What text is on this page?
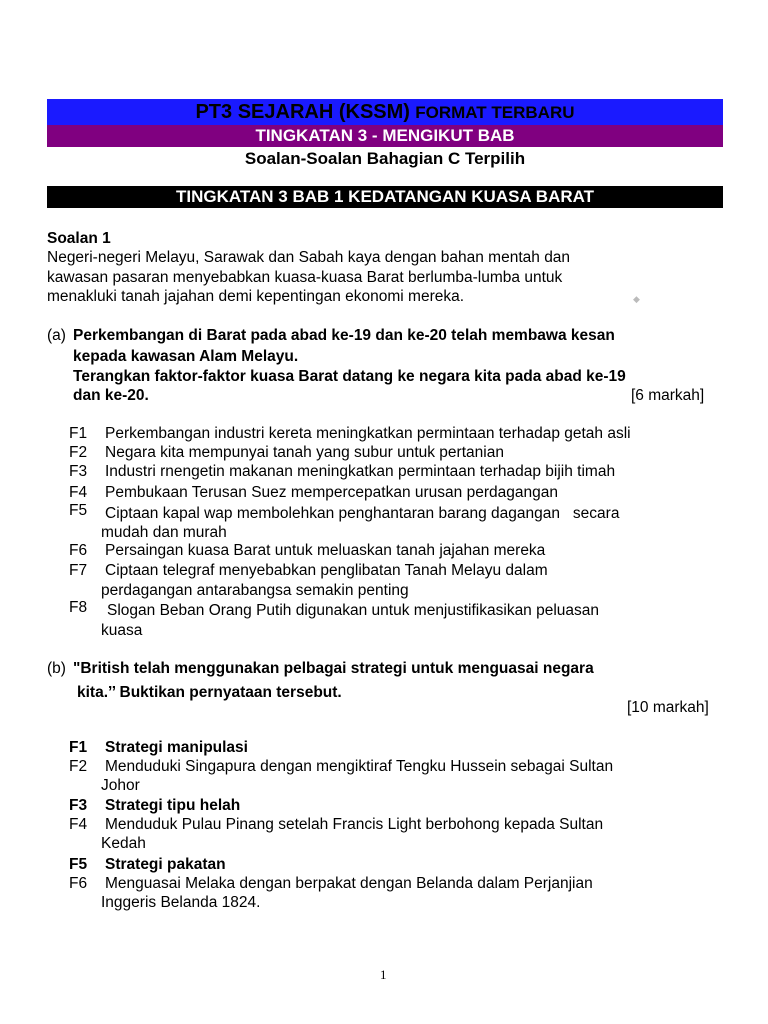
PT3 SEJARAH (KSSM) FORMAT TERBARU
TINGKATAN 3 - MENGIKUT BAB
Soalan-Soalan Bahagian C Terpilih
TINGKATAN 3 BAB 1 KEDATANGAN KUASA BARAT
Soalan 1
Negeri-negeri Melayu, Sarawak dan Sabah kaya dengan bahan mentah dan
kawasan pasaran menyebabkan kuasa-kuasa Barat berlumba-lumba untuk
menakluki tanah jajahan demi kepentingan ekonomi mereka.	◆
(a) Perkembangan di Barat pada abad ke-19 dan ke-20 telah membawa kesan
kepada kawasan Alam Melayu.
Terangkan faktor-faktor kuasa Barat datang ke negara kita pada abad ke-19
dan ke-20.	[6 markah]
F1 Perkembangan industri kereta meningkatkan permintaan terhadap getah asli
F2 Negara kita mempunyai tanah yang subur untuk pertanian
F3 Industri rnengetin makanan meningkatkan permintaan terhadap bijih timah
F4 Pembukaan Terusan Suez mempercepatkan urusan perdagangan
F5 Ciptaan kapal wap membolehkan penghantaran barang dagangan   secara
mudah dan murah
F6 Persaingan kuasa Barat untuk meluaskan tanah jajahan mereka
F7 Ciptaan telegraf menyebabkan penglibatan Tanah Melayu dalam
perdagangan antarabangsa semakin penting
F8 Slogan Beban Orang Putih digunakan untuk menjustifikasikan peluasan
kuasa
(b) "British telah menggunakan pelbagai strategi untuk menguasai negara
kita.’’ Buktikan pernyataan tersebut.
[10 markah]
F1 Strategi manipulasi
F2 Menduduki Singapura dengan mengiktiraf Tengku Hussein sebagai Sultan
Johor
F3 Strategi tipu helah
F4 Menduduk Pulau Pinang setelah Francis Light berbohong kepada Sultan
Kedah
F5 Strategi pakatan
F6 Menguasai Melaka dengan berpakat dengan Belanda dalam Perjanjian
Inggeris Belanda 1824.
1
